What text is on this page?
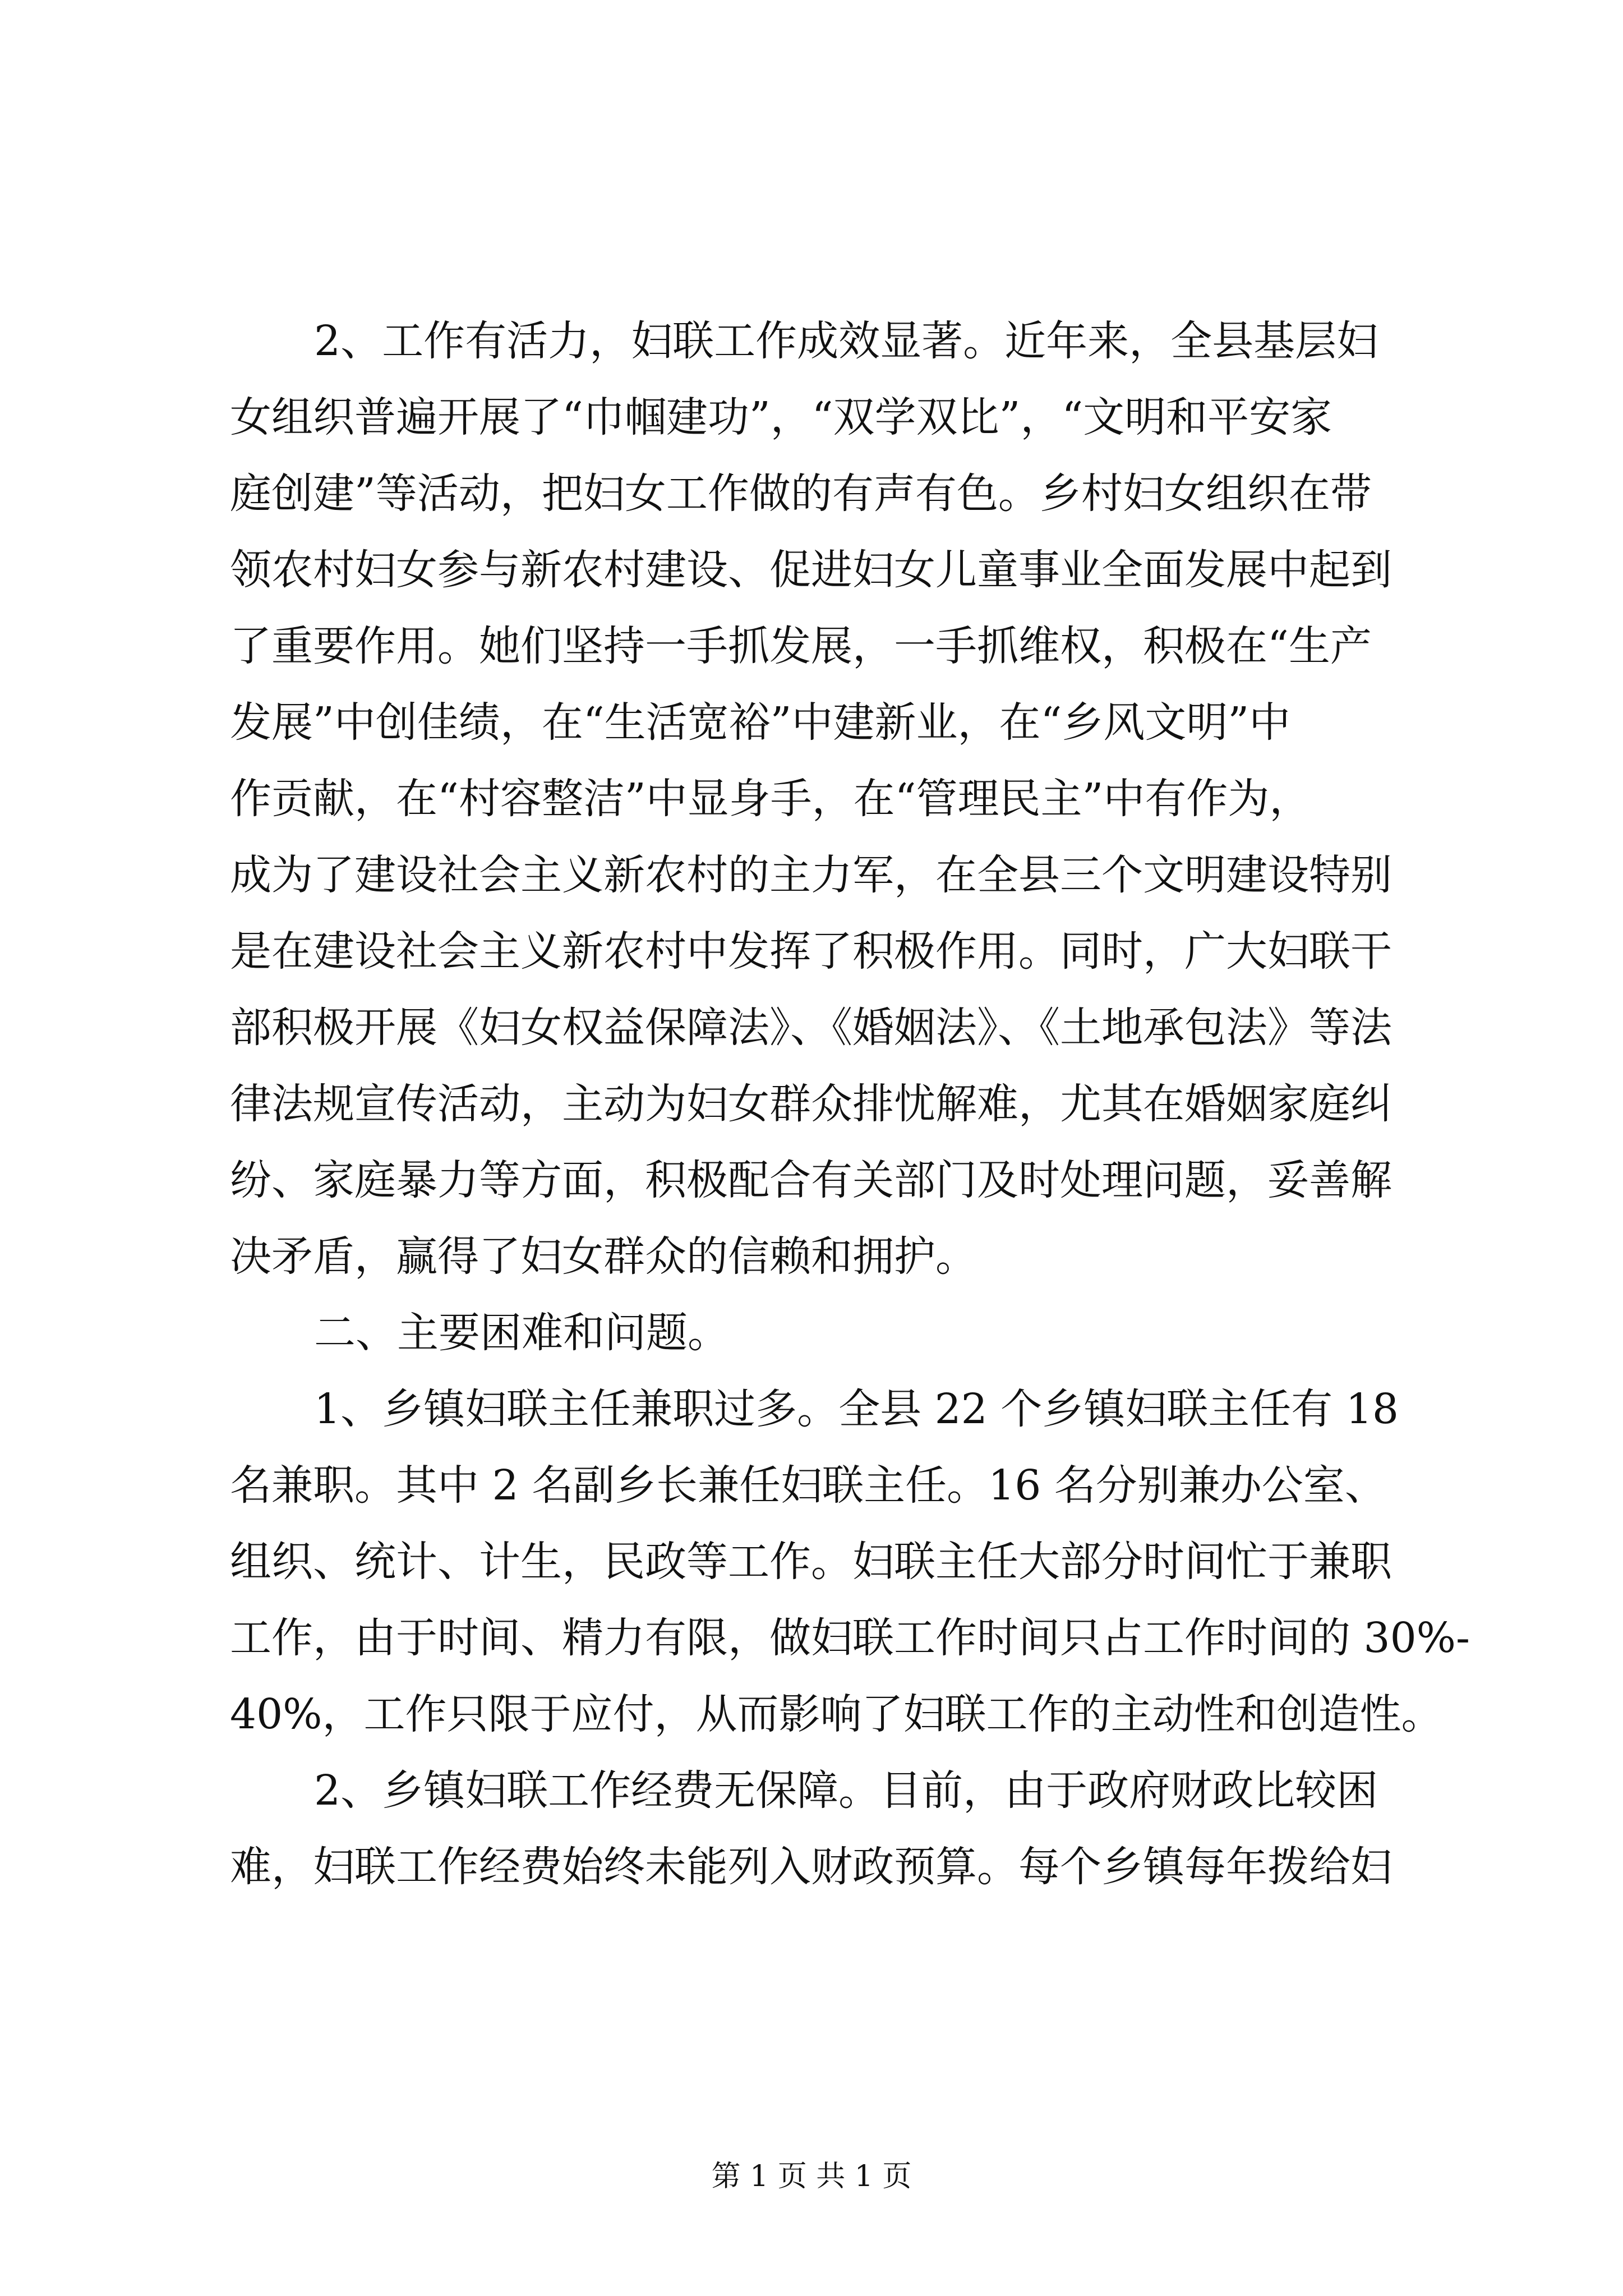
2、工作有活力，妇联工作成效显著。近年来，全县基层妇
女组织普遍开展了“巾帼建功”，“双学双比”，“文明和平安家
庭创建”等活动，把妇女工作做的有声有色。乡村妇女组织在带
领农村妇女参与新农村建设、促进妇女儿童事业全面发展中起到
了重要作用。她们坚持一手抓发展，一手抓维权，积极在“生产
发展”中创佳绩，在“生活宽裕”中建新业，在“乡风文明”中
作贡献，在“村容整洁”中显身手，在“管理民主”中有作为，
成为了建设社会主义新农村的主力军，在全县三个文明建设特别
是在建设社会主义新农村中发挥了积极作用。同时，广大妇联干
部积极开展《妇女权益保障法》、《婚姻法》、《土地承包法》等法
律法规宣传活动，主动为妇女群众排忧解难，尤其在婚姻家庭纠
纷、家庭暴力等方面，积极配合有关部门及时处理问题，妥善解
决矛盾，赢得了妇女群众的信赖和拥护。
二、主要困难和问题。
1、乡镇妇联主任兼职过多。全县 22 个乡镇妇联主任有 18
名兼职。其中 2 名副乡长兼任妇联主任。16 名分别兼办公室、
组织、统计、计生，民政等工作。妇联主任大部分时间忙于兼职
工作，由于时间、精力有限，做妇联工作时间只占工作时间的 30%-
40%，工作只限于应付，从而影响了妇联工作的主动性和创造性。
2、乡镇妇联工作经费无保障。目前，由于政府财政比较困
难，妇联工作经费始终未能列入财政预算。每个乡镇每年拨给妇
第 1 页 共 1 页
